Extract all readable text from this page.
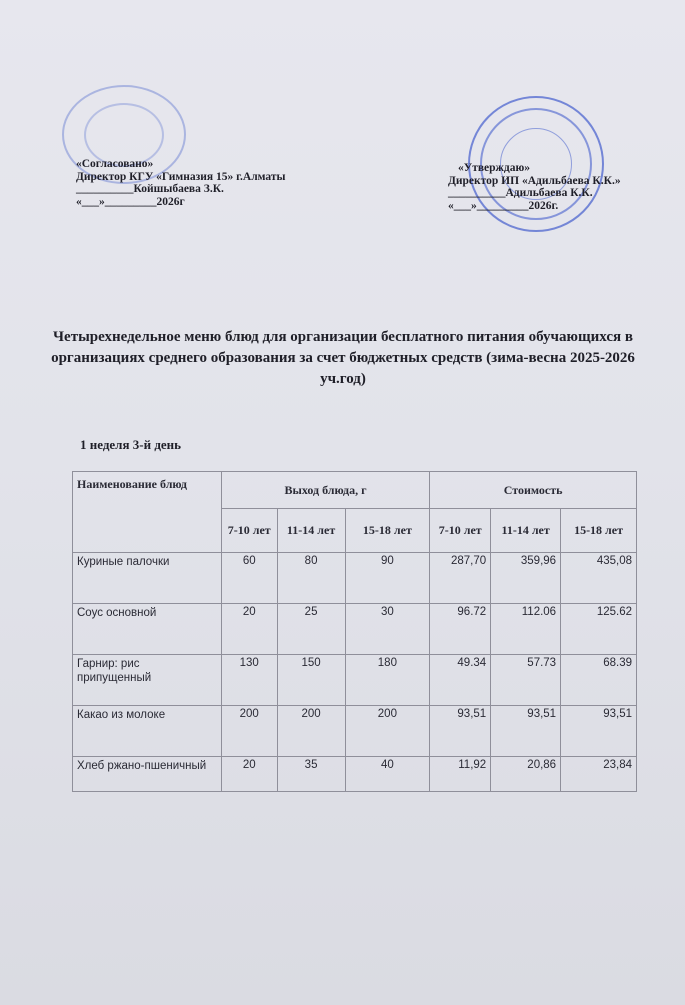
«Согласовано»
Директор КГУ «Гимназия 15» г.Алматы
__________Койшыбаева З.К.
«___»_________2026г
«Утверждаю»
Директор ИП «Адильбаева К.К.»
__________Адильбаева К.К.
«___»_________2026г.
Четырехнедельное меню блюд для организации бесплатного питания обучающихся в организациях среднего образования за счет бюджетных средств (зима-весна 2025-2026 уч.год)
1 неделя 3-й день
Наименование блюд	Выход блюда, г			Стоимость		
	7-10 лет	11-14 лет	15-18 лет	7-10 лет	11-14 лет	15-18 лет
Куриные палочки	60	80	90	287,70	359,96	435,08
Соус основной	20	25	30	96.72	112.06	125.62
Гарнир: рис припущенный	130	150	180	49.34	57.73	68.39
Какао из молоке	200	200	200	93,51	93,51	93,51
Хлеб ржано-пшеничный	20	35	40	11,92	20,86	23,84
